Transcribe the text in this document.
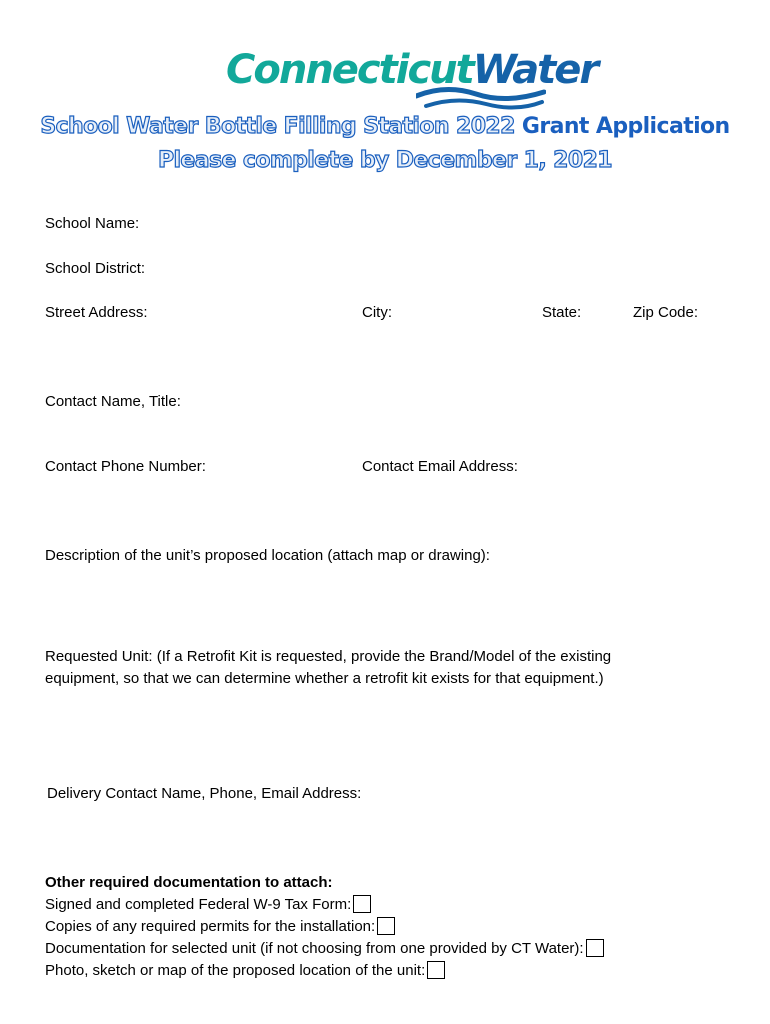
ConnecticutWater
School Water Bottle Filling Station 2022 Grant Application
Please complete by December 1, 2021
School Name:
School District:
Street Address:	City:	State:	Zip Code:
Contact Name, Title:
Contact Phone Number:	Contact Email Address:
Description of the unit’s proposed location (attach map or drawing):
Requested Unit: (If a Retrofit Kit is requested, provide the Brand/Model of the existing
equipment, so that we can determine whether a retrofit kit exists for that equipment.)
Delivery Contact Name, Phone, Email Address:
Other required documentation to attach:
Signed and completed Federal W-9 Tax Form:
Copies of any required permits for the installation:
Documentation for selected unit (if not choosing from one provided by CT Water):
Photo, sketch or map of the proposed location of the unit:
